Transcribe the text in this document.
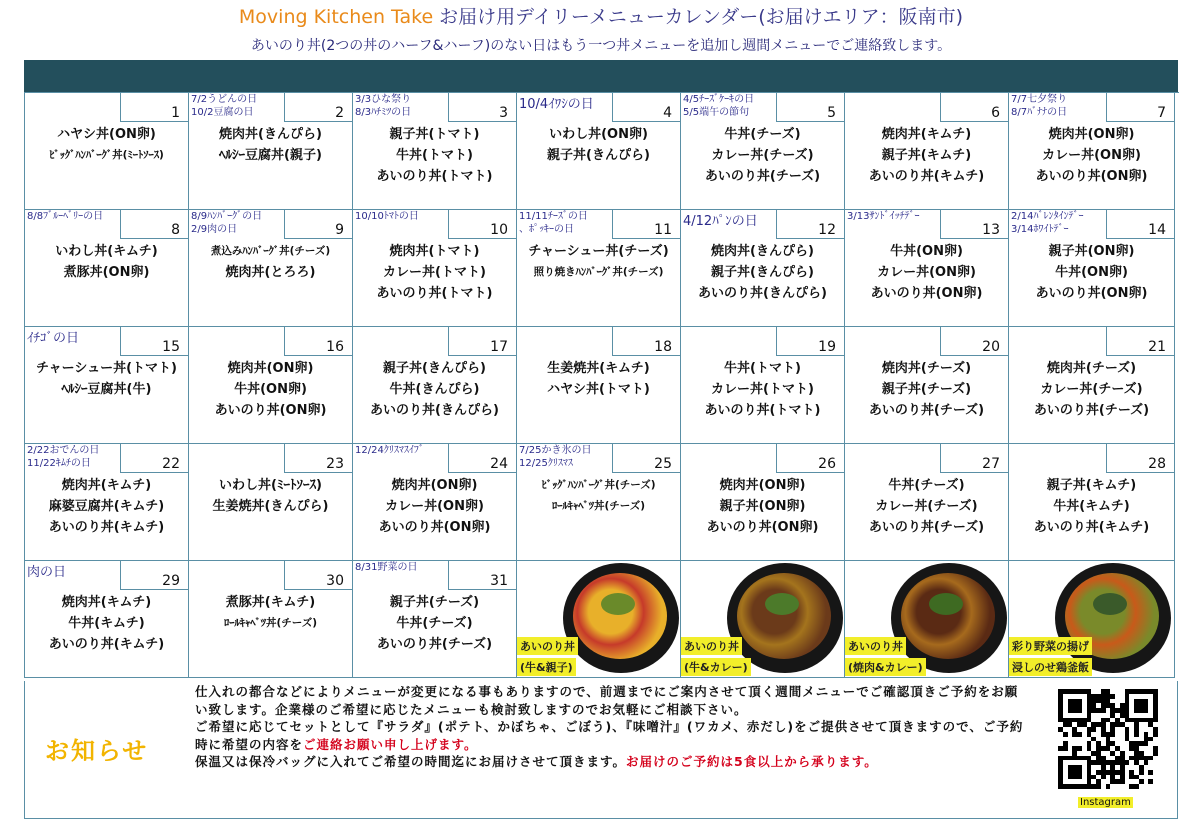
Moving Kitchen Take お届け用デイリーメニューカレンダー(お届けエリア：阪南市)
あいのり丼(2つの丼のハーフ&ハーフ)のない日はもう一つ丼メニューを追加し週間メニューでご連絡致します。
1
ハヤシ丼(ON卵)
ﾋﾞｯｸﾞﾊﾝﾊﾞｰｸﾞ丼(ﾐｰﾄｿｰｽ)
2
7/2うどんの日
10/2豆腐の日
焼肉丼(きんぴら)
ﾍﾙｼｰ豆腐丼(親子)
3
3/3ひな祭り
8/3ﾊﾁﾐﾂの日
親子丼(トマト)
牛丼(トマト)
あいのり丼(トマト)
4
10/4ｲﾜｼの日
いわし丼(ON卵)
親子丼(きんぴら)
5
4/5ﾁｰｽﾞｹｰｷの日
5/5端午の節句
牛丼(チーズ)
カレー丼(チーズ)
あいのり丼(チーズ)
6
焼肉丼(キムチ)
親子丼(キムチ)
あいのり丼(キムチ)
7
7/7七夕祭り
8/7ﾊﾞﾅﾅの日
焼肉丼(ON卵)
カレー丼(ON卵)
あいのり丼(ON卵)
8
8/8ﾌﾞﾙｰﾍﾞﾘｰの日
いわし丼(キムチ)
煮豚丼(ON卵)
9
8/9ﾊﾝﾊﾞｰｸﾞの日
2/9肉の日
煮込みﾊﾝﾊﾞｰｸﾞ丼(チーズ)
焼肉丼(とろろ)
10
10/10ﾄﾏﾄの日
焼肉丼(トマト)
カレー丼(トマト)
あいのり丼(トマト)
11
11/11ﾁｰｽﾞの日
、ﾎﾟｯｷｰの日
チャーシュー丼(チーズ)
照り焼きﾊﾝﾊﾞｰｸﾞ丼(チーズ)
12
4/12ﾊﾟﾝの日
焼肉丼(きんぴら)
親子丼(きんぴら)
あいのり丼(きんぴら)
13
3/13ｻﾝﾄﾞｲｯﾁﾃﾞｰ
牛丼(ON卵)
カレー丼(ON卵)
あいのり丼(ON卵)
14
2/14ﾊﾞﾚﾝﾀｲﾝﾃﾞｰ
3/14ﾎﾜｲﾄﾃﾞｰ
親子丼(ON卵)
牛丼(ON卵)
あいのり丼(ON卵)
15
ｲﾁｺﾞの日
チャーシュー丼(トマト)
ﾍﾙｼｰ豆腐丼(牛)
16
焼肉丼(ON卵)
牛丼(ON卵)
あいのり丼(ON卵)
17
親子丼(きんぴら)
牛丼(きんぴら)
あいのり丼(きんぴら)
18
生姜焼丼(キムチ)
ハヤシ丼(トマト)
19
牛丼(トマト)
カレー丼(トマト)
あいのり丼(トマト)
20
焼肉丼(チーズ)
親子丼(チーズ)
あいのり丼(チーズ)
21
焼肉丼(チーズ)
カレー丼(チーズ)
あいのり丼(チーズ)
22
2/22おでんの日
11/22ｷﾑﾁの日
焼肉丼(キムチ)
麻婆豆腐丼(キムチ)
あいのり丼(キムチ)
23
いわし丼(ﾐｰﾄｿｰｽ)
生姜焼丼(きんぴら)
24
12/24ｸﾘｽﾏｽｲﾌﾞ
焼肉丼(ON卵)
カレー丼(ON卵)
あいのり丼(ON卵)
25
7/25かき氷の日
12/25ｸﾘｽﾏｽ
ﾋﾞｯｸﾞﾊﾝﾊﾞｰｸﾞ丼(チーズ)
ﾛｰﾙｷｬﾍﾞﾂ丼(チーズ)
26
焼肉丼(ON卵)
親子丼(ON卵)
あいのり丼(ON卵)
27
牛丼(チーズ)
カレー丼(チーズ)
あいのり丼(チーズ)
28
親子丼(キムチ)
牛丼(キムチ)
あいのり丼(キムチ)
29
肉の日
焼肉丼(キムチ)
牛丼(キムチ)
あいのり丼(キムチ)
30
煮豚丼(キムチ)
ﾛｰﾙｷｬﾍﾞﾂ丼(チーズ)
31
8/31野菜の日
親子丼(チーズ)
牛丼(チーズ)
あいのり丼(チーズ)	あいのり丼
(牛&親子)
あいのり丼
(牛&カレー)
あいのり丼
(焼肉&カレー)
彩り野菜の揚げ
浸しのせ鶏釜飯
お知らせ
仕入れの都合などによりメニューが変更になる事もありますので、前週までにご案内させて頂く週間メニューでご確認頂きご予約をお願い致します。企業様のご希望に応じたメニューも検討致しますのでお気軽にご相談下さい。
ご希望に応じてセットとして『サラダ』(ポテト、かぼちゃ、ごぼう)、『味噌汁』(ワカメ、赤だし)をご提供させて頂きますので、ご予約時に希望の内容をご連絡お願い申し上げます。
保温又は保冷バッグに入れてご希望の時間迄にお届けさせて頂きます。お届けのご予約は5食以上から承ります。
Instagram
